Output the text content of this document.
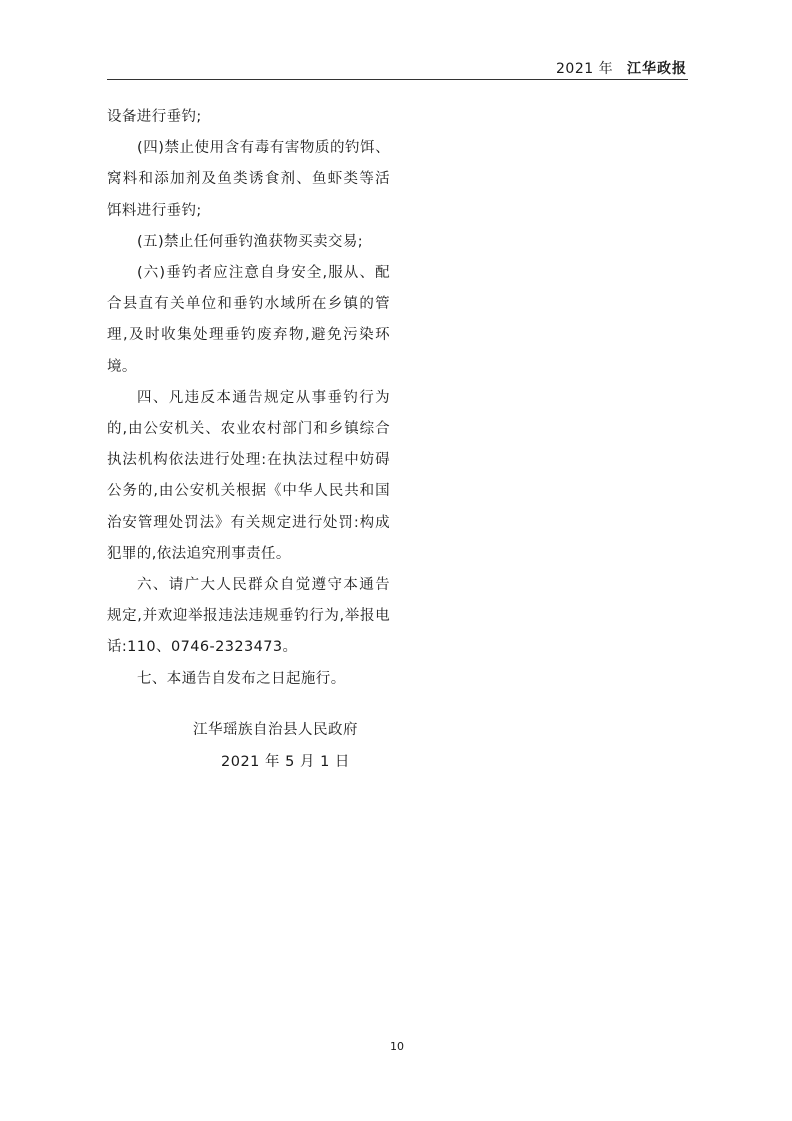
2021 年 江华政报

设备进行垂钓;

(四)禁止使用含有毒有害物质的钓饵、窝料和添加剂及鱼类诱食剂、鱼虾类等活饵料进行垂钓;

(五)禁止任何垂钓渔获物买卖交易;

(六)垂钓者应注意自身安全,服从、配合县直有关单位和垂钓水域所在乡镇的管理,及时收集处理垂钓废弃物,避免污染环境。

四、凡违反本通告规定从事垂钓行为的,由公安机关、农业农村部门和乡镇综合执法机构依法进行处理:在执法过程中妨碍公务的,由公安机关根据《中华人民共和国治安管理处罚法》有关规定进行处罚:构成犯罪的,依法追究刑事责任。

六、请广大人民群众自觉遵守本通告规定,并欢迎举报违法违规垂钓行为,举报电话:110、0746-2323473。

七、本通告自发布之日起施行。

江华瑶族自治县人民政府
2021 年 5 月 1 日
10
